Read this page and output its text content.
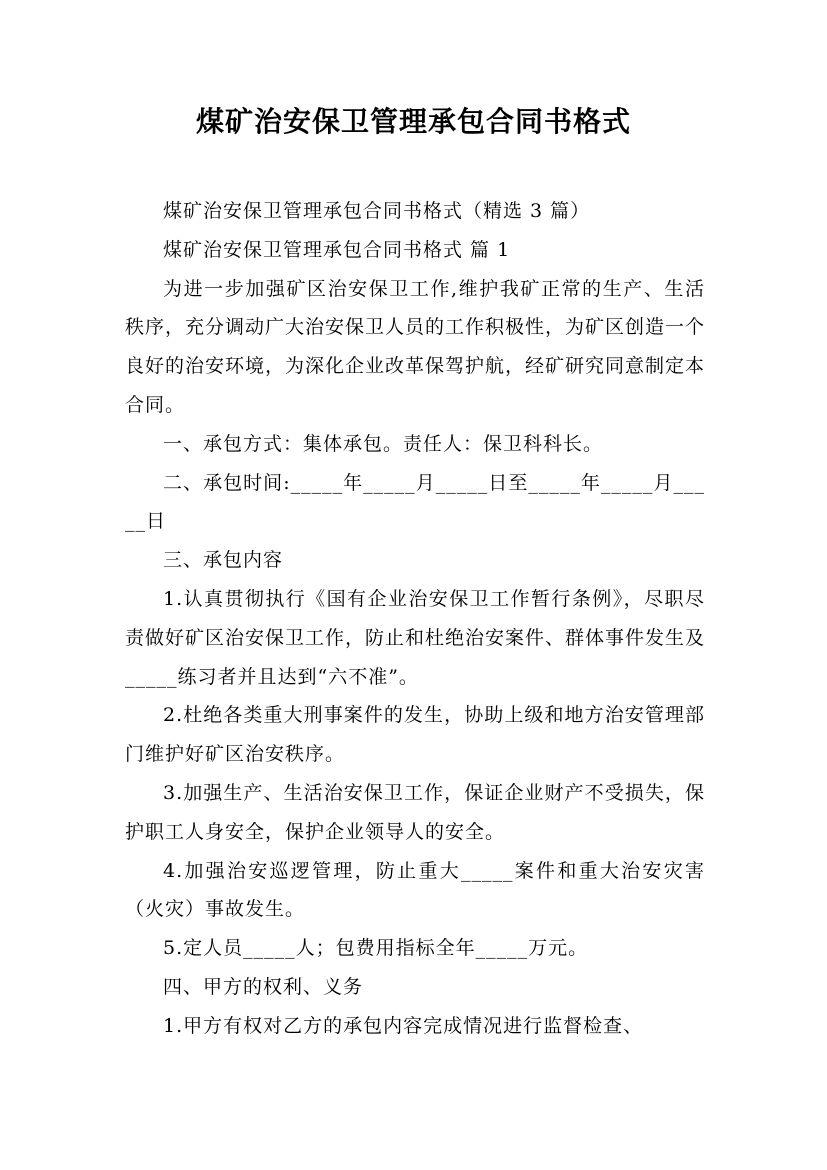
煤矿治安保卫管理承包合同书格式

煤矿治安保卫管理承包合同书格式（精选 3 篇）

煤矿治安保卫管理承包合同书格式 篇 1

为进一步加强矿区治安保卫工作,维护我矿正常的生产、生活秩序，充分调动广大治安保卫人员的工作积极性，为矿区创造一个良好的治安环境，为深化企业改革保驾护航，经矿研究同意制定本合同。

一、承包方式：集体承包。责任人：保卫科科长。

二、承包时间:_____年_____月_____日至_____年_____月_____日

三、承包内容

1.认真贯彻执行《国有企业治安保卫工作暂行条例》，尽职尽责做好矿区治安保卫工作，防止和杜绝治安案件、群体事件发生及_____练习者并且达到“六不准”。

2.杜绝各类重大刑事案件的发生，协助上级和地方治安管理部门维护好矿区治安秩序。

3.加强生产、生活治安保卫工作，保证企业财产不受损失，保护职工人身安全，保护企业领导人的安全。

4.加强治安巡逻管理，防止重大_____案件和重大治安灾害（火灾）事故发生。

5.定人员_____人；包费用指标全年_____万元。

四、甲方的权利、义务

1.甲方有权对乙方的承包内容完成情况进行监督检查、
